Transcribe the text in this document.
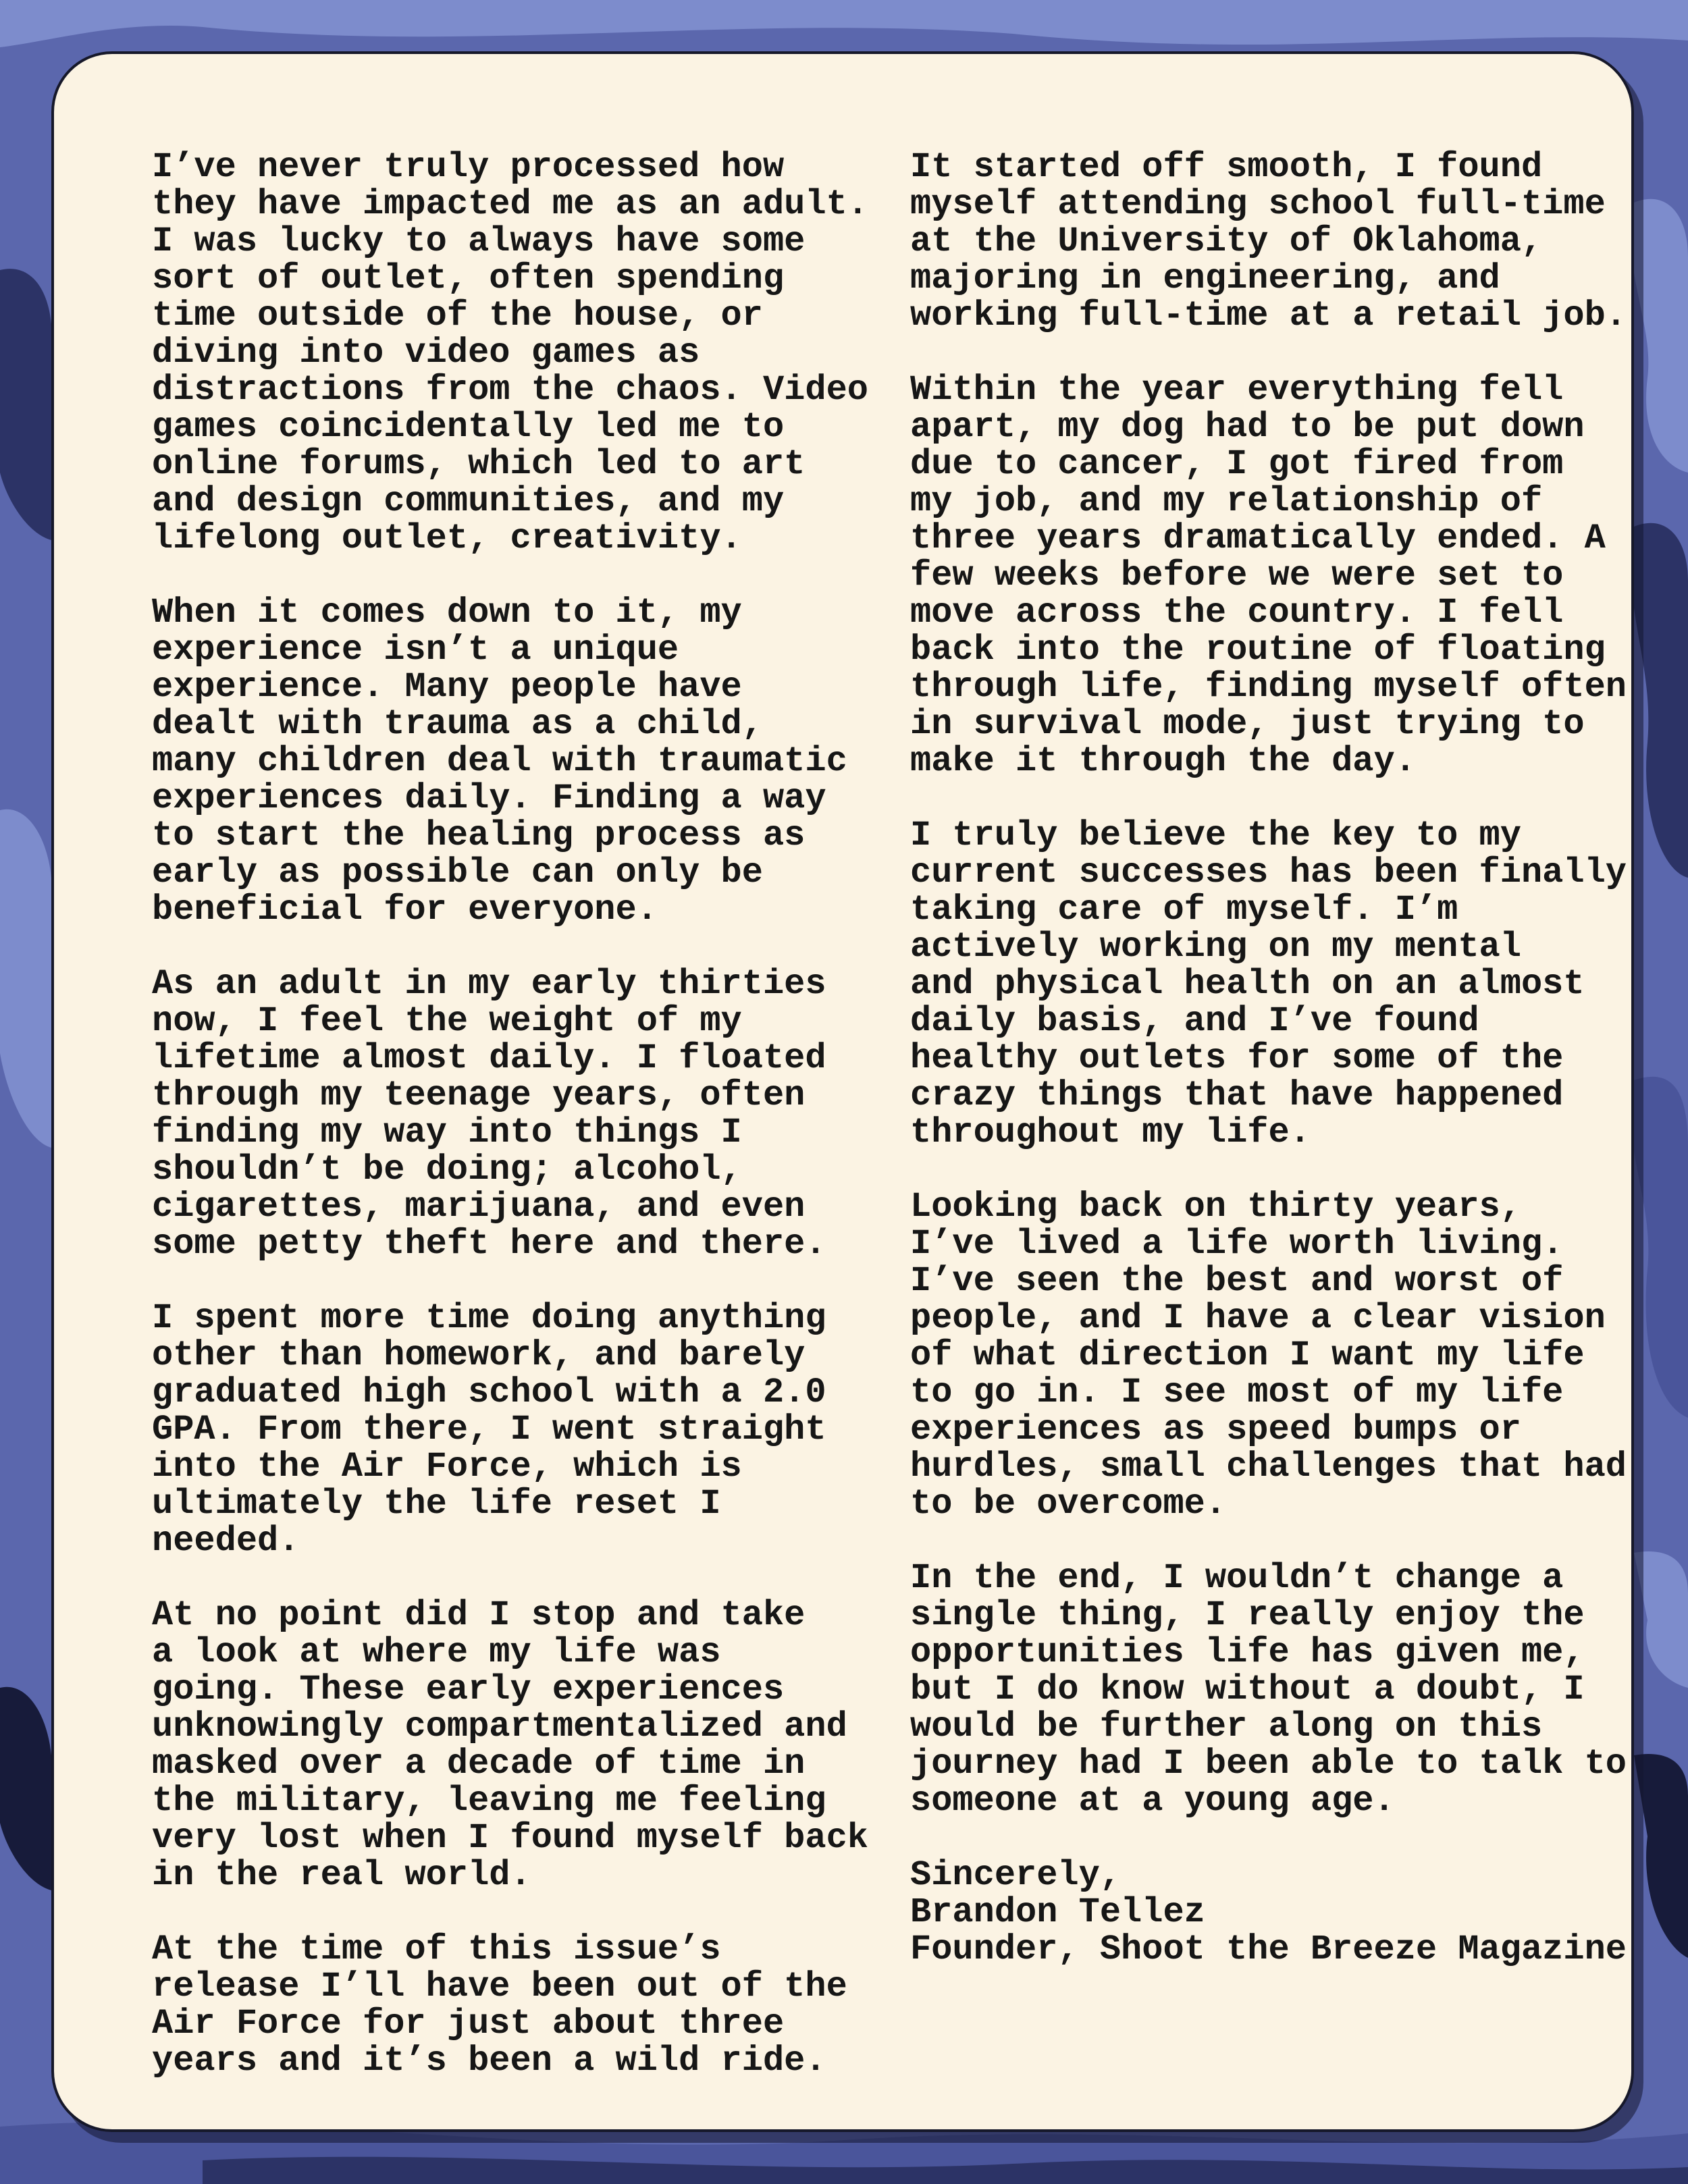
I’ve never truly processed how
they have impacted me as an adult.
I was lucky to always have some
sort of outlet, often spending
time outside of the house, or
diving into video games as
distractions from the chaos. Video
games coincidentally led me to
online forums, which led to art
and design communities, and my
lifelong outlet, creativity.

When it comes down to it, my
experience isn’t a unique
experience. Many people have
dealt with trauma as a child,
many children deal with traumatic
experiences daily. Finding a way
to start the healing process as
early as possible can only be
beneficial for everyone.

As an adult in my early thirties
now, I feel the weight of my
lifetime almost daily. I floated
through my teenage years, often
finding my way into things I
shouldn’t be doing; alcohol,
cigarettes, marijuana, and even
some petty theft here and there.

I spent more time doing anything
other than homework, and barely
graduated high school with a 2.0
GPA. From there, I went straight
into the Air Force, which is
ultimately the life reset I
needed.

At no point did I stop and take
a look at where my life was
going. These early experiences
unknowingly compartmentalized and
masked over a decade of time in
the military, leaving me feeling
very lost when I found myself back
in the real world.

At the time of this issue’s
release I’ll have been out of the
Air Force for just about three
years and it’s been a wild ride.

It started off smooth, I found
myself attending school full-time
at the University of Oklahoma,
majoring in engineering, and
working full-time at a retail job.

Within the year everything fell
apart, my dog had to be put down
due to cancer, I got fired from
my job, and my relationship of
three years dramatically ended. A
few weeks before we were set to
move across the country. I fell
back into the routine of floating
through life, finding myself often
in survival mode, just trying to
make it through the day.

I truly believe the key to my
current successes has been finally
taking care of myself. I’m
actively working on my mental
and physical health on an almost
daily basis, and I’ve found
healthy outlets for some of the
crazy things that have happened
throughout my life.

Looking back on thirty years,
I’ve lived a life worth living.
I’ve seen the best and worst of
people, and I have a clear vision
of what direction I want my life
to go in. I see most of my life
experiences as speed bumps or
hurdles, small challenges that had
to be overcome.

In the end, I wouldn’t change a
single thing, I really enjoy the
opportunities life has given me,
but I do know without a doubt, I
would be further along on this
journey had I been able to talk to
someone at a young age.

Sincerely,
Brandon Tellez
Founder, Shoot the Breeze Magazine
